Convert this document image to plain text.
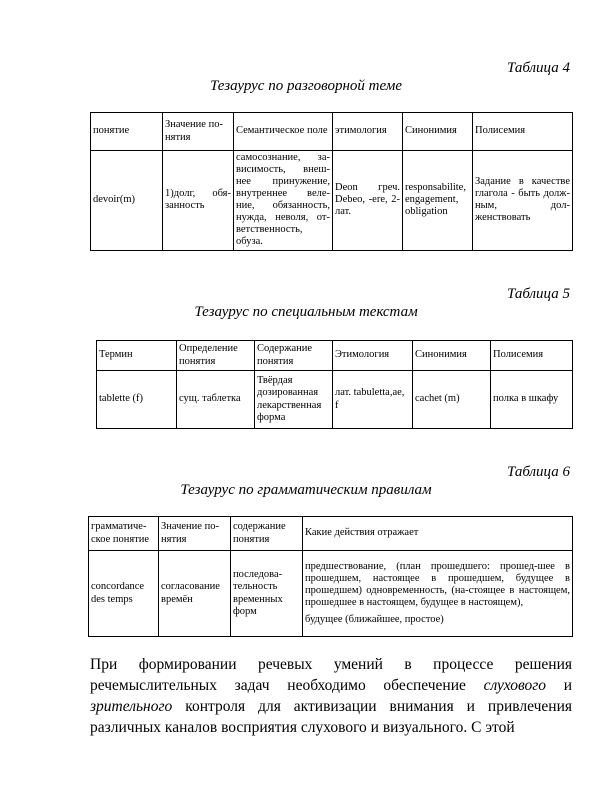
Таблица 4
Тезаурус по разговорной теме
понятие	Значение по-нятия	Семантическое поле	этимология	Синонимия	Полисемия
devoir(m)	1)долг, обя-занность	самосознание, за-висимость, внеш-нее принужение, внутреннее веле-ние, обязанность, нужда, неволя, от-ветственность, обуза.	Deon греч. Debeo, -ere, 2-лат.	responsabilite, engagement, obligation	Задание в качестве глагола - быть долж-ным, дол-женствовать
Таблица 5
Тезаурус по специальным текстам
Термин	Определение понятия	Содержание понятия	Этимология	Синонимия	Полисемия
tablette (f)	сущ. таблетка	Твёрдая дозированная лекарственная форма	лат. tabuletta,ae, f	cachet (m)	полка в шкафу
Таблица 6
Тезаурус по грамматическим правилам
грамматиче-ское понятие	Значение по-нятия	содержание понятия	Какие действия отражает
concordance des temps	согласование времён	последова-тельность временных форм	предшествование, (план прошедшего: прошед-шее в прошедшем, настоящее в прошедшем, будущее в прошедшем) одновременность, (на-стоящее в настоящем, прошедшее в настоящем, будущее в настоящем),
будущее (ближайшее, простое)
При формировании речевых умений в процессе решения
речемыслительных задач необходимо обеспечение слухового и
зрительного контроля для активизации внимания и привлечения
различных каналов восприятия слухового и визуального. С этой
